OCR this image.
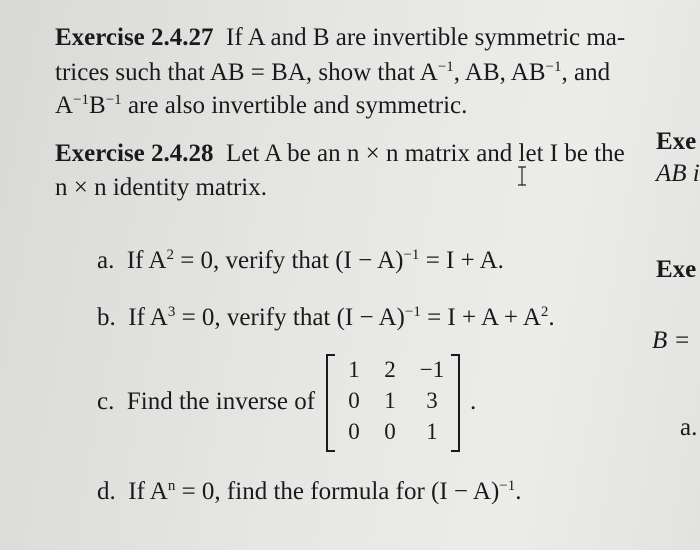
Exercise 2.4.27 If A and B are invertible symmetric ma-
trices such that AB = BA, show that $A^{-1}$, AB, $AB^{-1}$, and
$A^{-1}B^{-1}$ are also invertible and symmetric.
Exercise 2.4.28 Let A be an n × n matrix and let I be the
n × n identity matrix.
a. If $A^2 = 0$, verify that $(I - A)^{-1} = I + A$.
b. If $A^3 = 0$, verify that $(I - A)^{-1} = I + A + A^2$.
c. Find the inverse of
1	2	−1
0	1	3
0	0	1
.
d. If $A^n = 0$, find the formula for $(I - A)^{-1}$.
Exe
AB i
Exe
B =
a.
